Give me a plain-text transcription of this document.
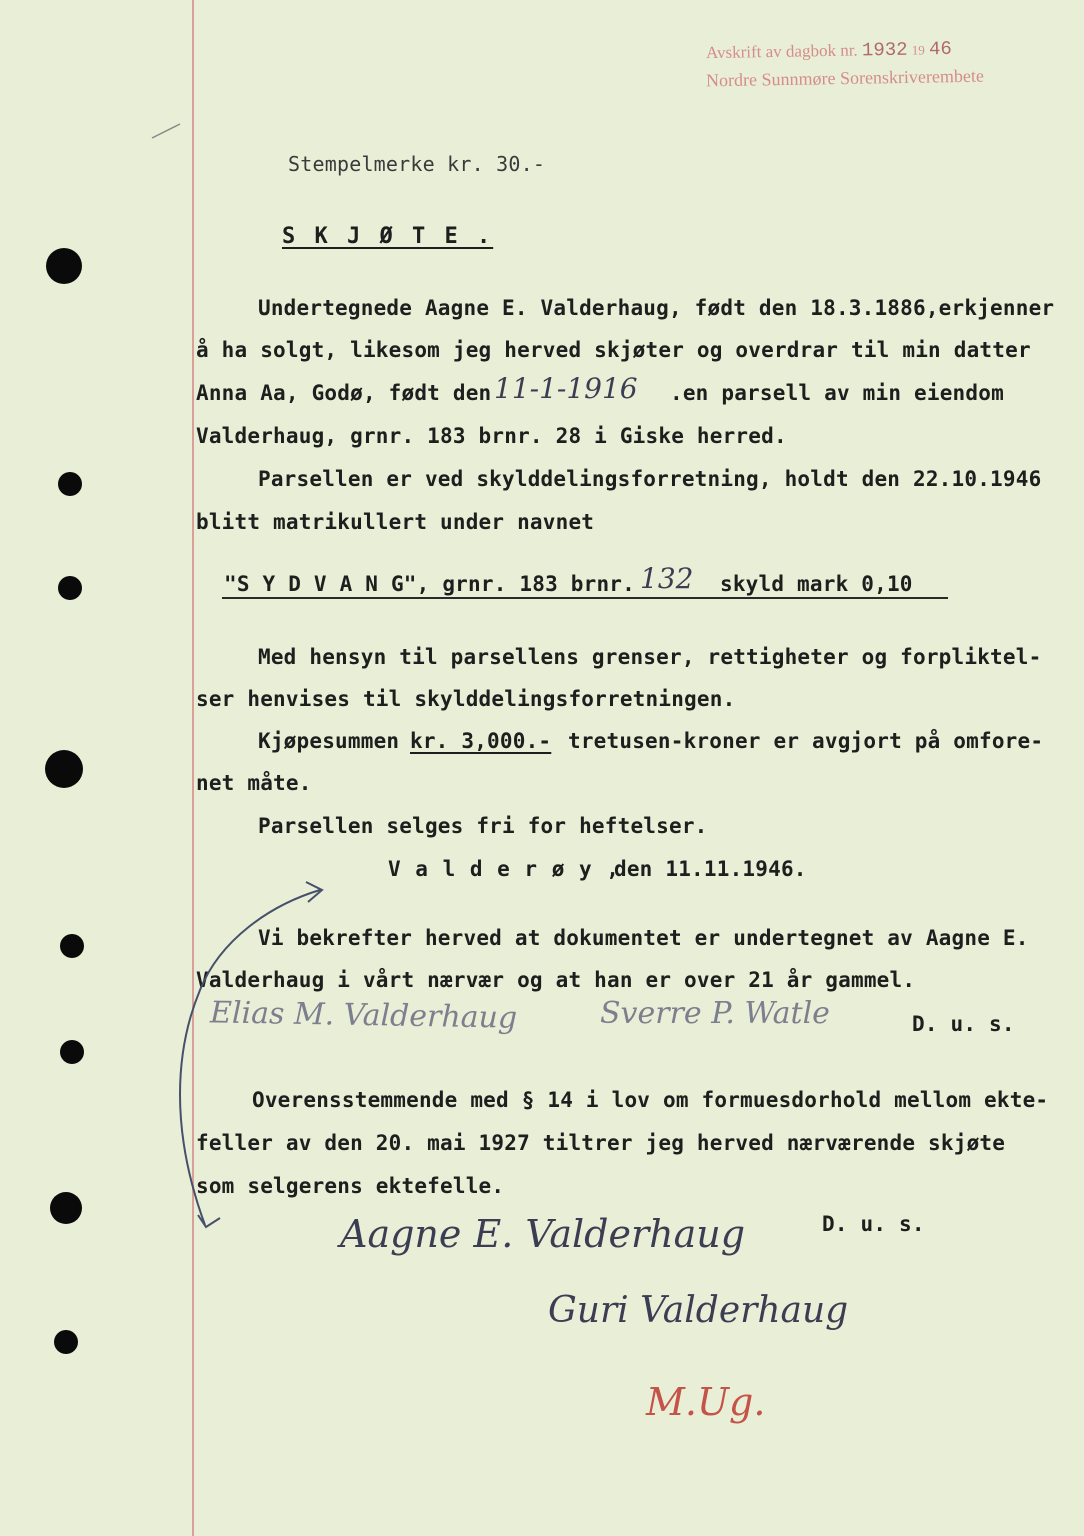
Avskrift av dagbok nr. 1932 19 46
Nordre Sunnmøre Sorenskriverembete
Stempelmerke kr. 30.-
S K J Ø T E .
Undertegnede Aagne E. Valderhaug, født den 18.3.1886,erkjenner
å ha solgt, likesom jeg herved skjøter og overdrar til min datter
Anna Aa, Godø, født den 11-1-1916 .en parsell av min eiendom
Valderhaug, grnr. 183 brnr. 28 i Giske herred.
Parsellen er ved skylddelingsforretning, holdt den 22.10.1946
blitt matrikullert under navnet
"S Y D V A N G", grnr. 183 brnr. 132 skyld mark 0,10
Med hensyn til parsellens grenser, rettigheter og forpliktel-
ser henvises til skylddelingsforretningen.
Kjøpesummen kr. 3,000.- tretusen-kroner er avgjort på omfore-
net måte.
Parsellen selges fri for heftelser.
V a l d e r ø y ,
den 11.11.1946.
Vi bekrefter herved at dokumentet er undertegnet av Aagne E.
Valderhaug i vårt nærvær og at han er over 21 år gammel.
Elias M. Valderhaug	Sverre P. Watle	D. u. s.
Overensstemmende med § 14 i lov om formuesdorhold mellom ekte-
feller av den 20. mai 1927 tiltrer jeg herved nærværende skjøte
som selgerens ektefelle.
Aagne E. Valderhaug	D. u. s.
Guri Valderhaug
M.Ug.
